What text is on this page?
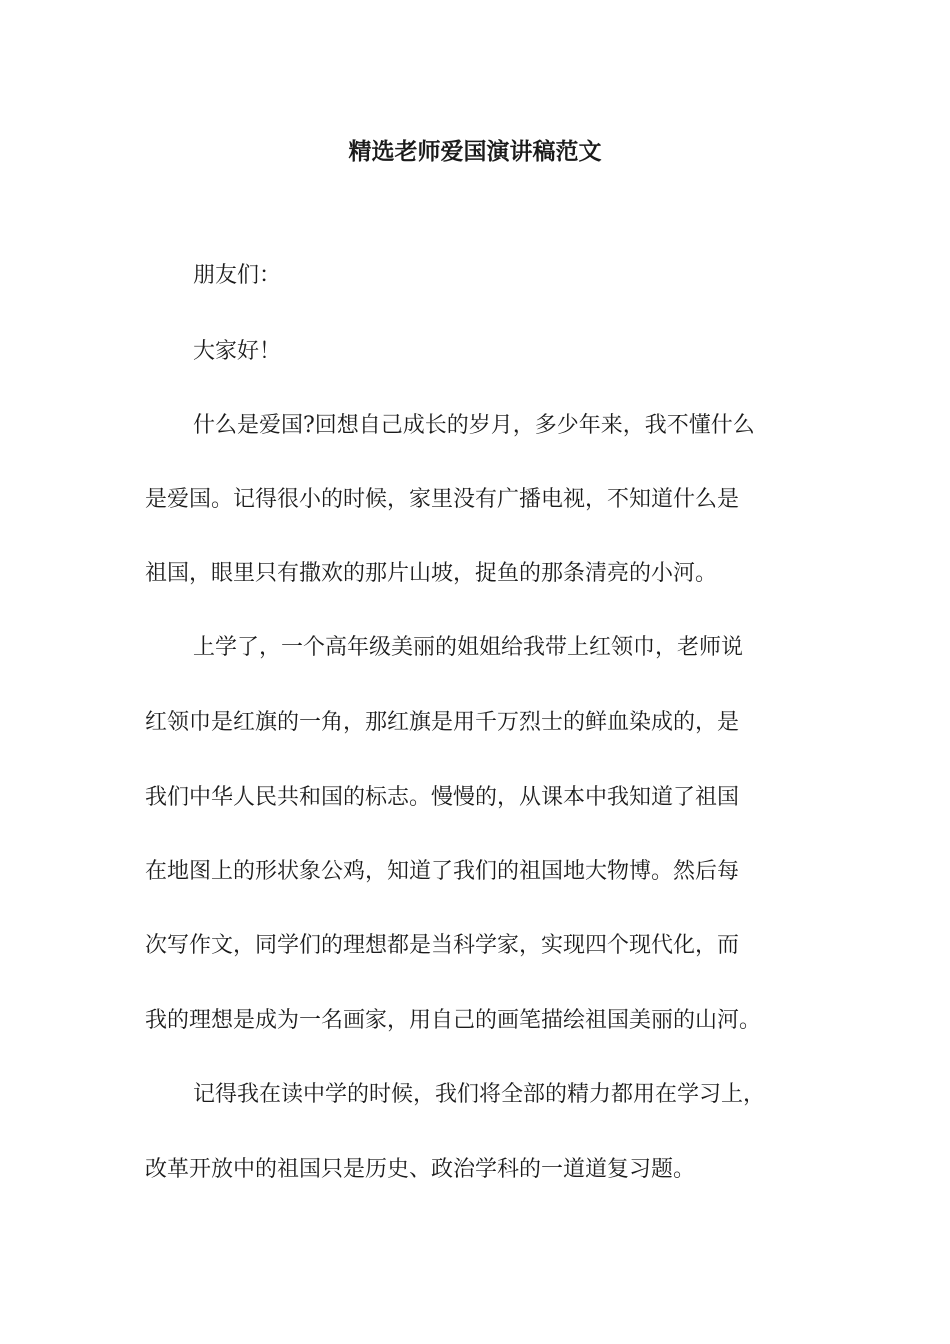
精选老师爱国演讲稿范文

朋友们：

大家好！

什么是爱国?回想自己成长的岁月，多少年来，我不懂什么

是爱国。记得很小的时候，家里没有广播电视，不知道什么是

祖国，眼里只有撒欢的那片山坡，捉鱼的那条清亮的小河。

上学了，一个高年级美丽的姐姐给我带上红领巾，老师说

红领巾是红旗的一角，那红旗是用千万烈士的鲜血染成的，是

我们中华人民共和国的标志。慢慢的，从课本中我知道了祖国

在地图上的形状象公鸡，知道了我们的祖国地大物博。然后每

次写作文，同学们的理想都是当科学家，实现四个现代化，而

我的理想是成为一名画家，用自己的画笔描绘祖国美丽的山河。

记得我在读中学的时候，我们将全部的精力都用在学习上，

改革开放中的祖国只是历史、政治学科的一道道复习题。
